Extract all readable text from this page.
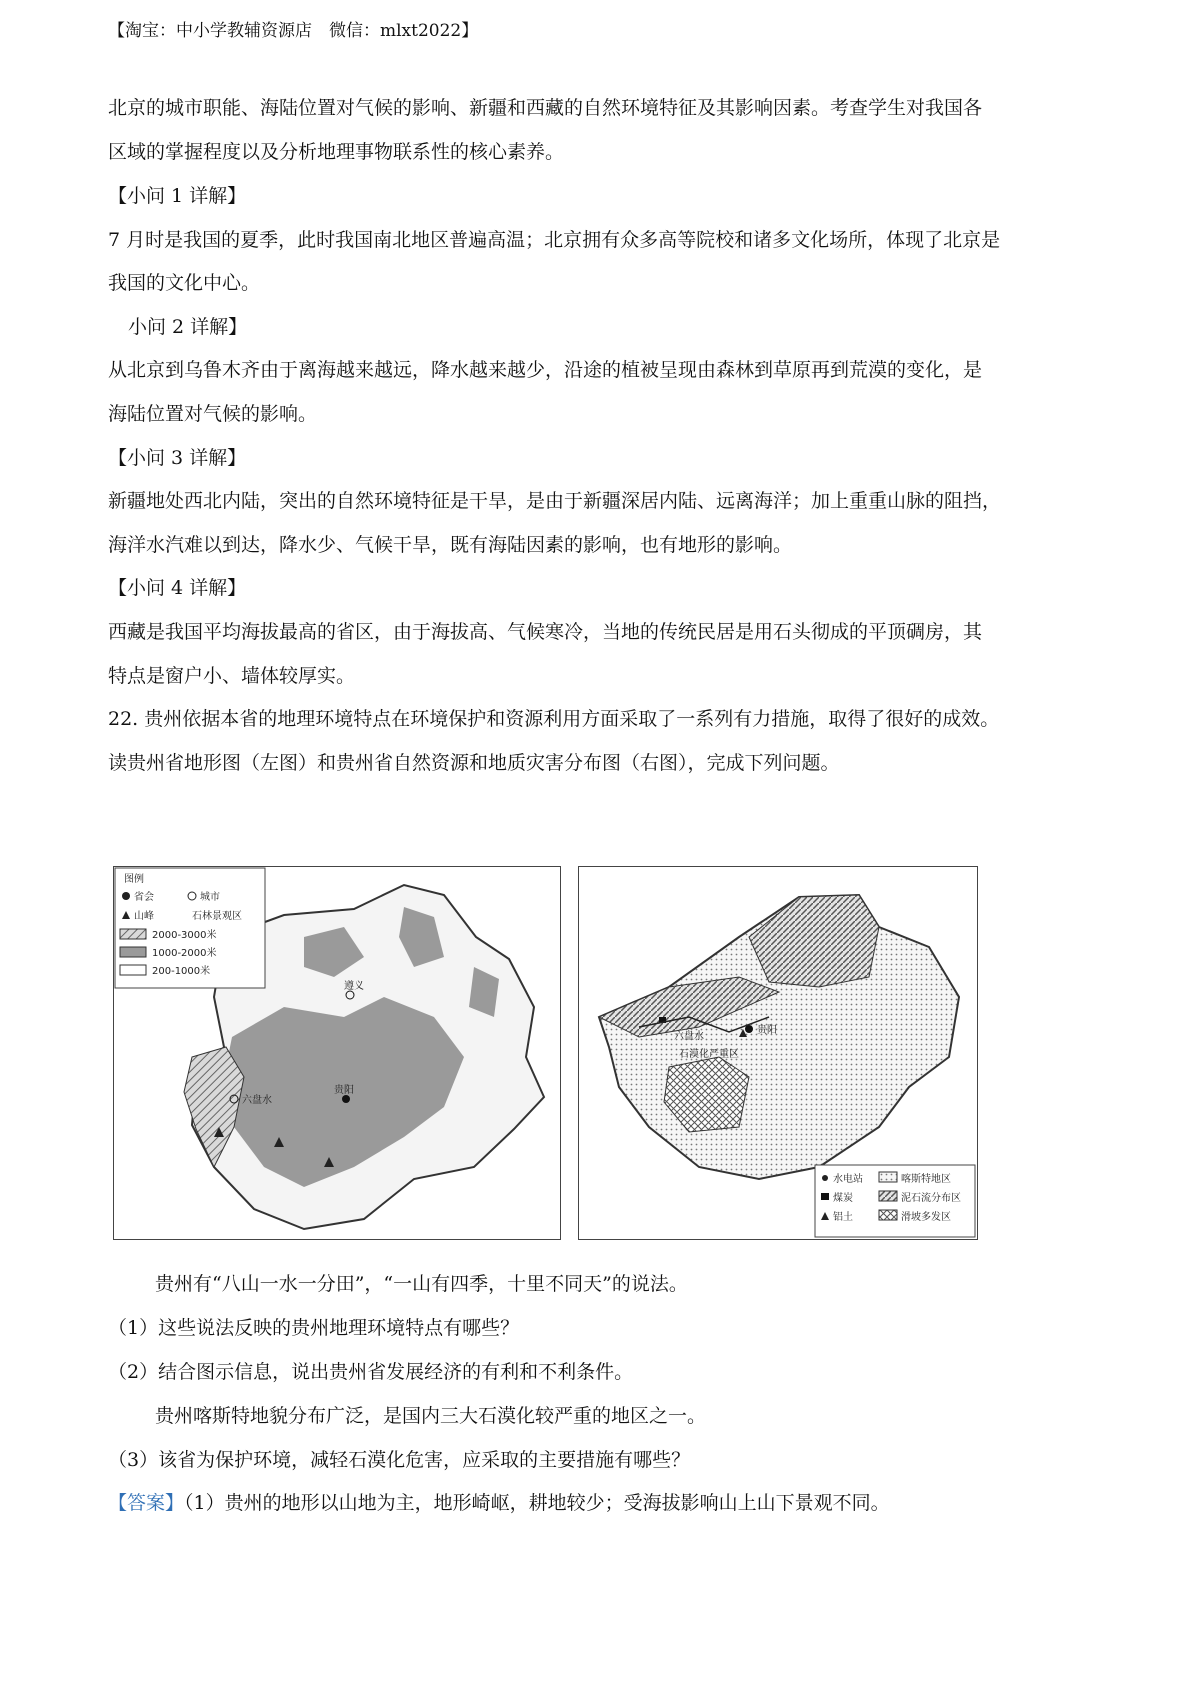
【淘宝：中小学教辅资源店　微信：mlxt2022】
北京的城市职能、海陆位置对气候的影响、新疆和西藏的自然环境特征及其影响因素。考查学生对我国各
区域的掌握程度以及分析地理事物联系性的核心素养。
【小问 1 详解】
7 月时是我国的夏季，此时我国南北地区普遍高温；北京拥有众多高等院校和诸多文化场所，体现了北京是
我国的文化中心。
小问 2 详解】
从北京到乌鲁木齐由于离海越来越远，降水越来越少，沿途的植被呈现由森林到草原再到荒漠的变化，是
海陆位置对气候的影响。
【小问 3 详解】
新疆地处西北内陆，突出的自然环境特征是干旱，是由于新疆深居内陆、远离海洋；加上重重山脉的阻挡，
海洋水汽难以到达，降水少、气候干旱，既有海陆因素的影响，也有地形的影响。
【小问 4 详解】
西藏是我国平均海拔最高的省区，由于海拔高、气候寒冷，当地的传统民居是用石头彻成的平顶碉房，其
特点是窗户小、墙体较厚实。
22. 贵州依据本省的地理环境特点在环境保护和资源利用方面采取了一系列有力措施，取得了很好的成效。
读贵州省地形图（左图）和贵州省自然资源和地质灾害分布图（右图），完成下列问题。
图例
省会	城市
山峰	石林景观区
2000-3000米
1000-2000米
200-1000米
遵义
六盘水
贵阳
贵阳
六盘水
石漠化严重区
水电站	喀斯特地区
煤炭	泥石流分布区
铝土	滑坡多发区
贵州有“八山一水一分田”，“一山有四季，十里不同天”的说法。
（1）这些说法反映的贵州地理环境特点有哪些？
（2）结合图示信息，说出贵州省发展经济的有利和不利条件。
贵州喀斯特地貌分布广泛，是国内三大石漠化较严重的地区之一。
（3）该省为保护环境，减轻石漠化危害，应采取的主要措施有哪些？
【答案】（1）贵州的地形以山地为主，地形崎岖，耕地较少；受海拔影响山上山下景观不同。
